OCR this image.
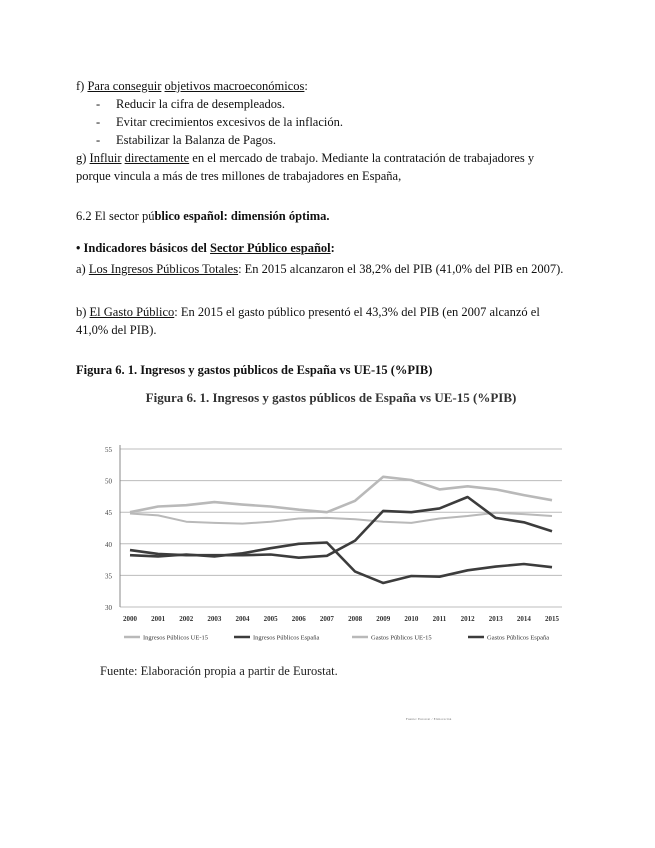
f) Para conseguir objetivos macroeconómicos:
- Reducir la cifra de desempleados.
- Evitar crecimientos excesivos de la inflación.
- Estabilizar la Balanza de Pagos.
g) Influir directamente en el mercado de trabajo. Mediante la contratación de trabajadores y porque vincula a más de tres millones de trabajadores en España,
6.2 El sector público español: dimensión óptima.
• Indicadores básicos del Sector Público español:
a) Los Ingresos Públicos Totales: En 2015 alcanzaron el 38,2% del PIB (41,0% del PIB en 2007).
b) El Gasto Público: En 2015 el gasto público presentó el 43,3% del PIB (en 2007 alcanzó el 41,0% del PIB).
Figura 6. 1. Ingresos y gastos públicos de España vs UE-15 (%PIB)
Figura 6. 1. Ingresos y gastos públicos de España vs UE-15 (%PIB)
30
35
40
45
50
55
2000 2001 2002 2003 2004 2005 2006 2007 2008 2009 2010 2011 2012 2013 2014 2015
Ingresos Públicos UE-15	Ingresos Públicos España	Gastos Públicos UE-15	Gastos Públicos España
Fuente: Elaboración propia a partir de Eurostat.
Fuente: Eurostat / Elaboración
